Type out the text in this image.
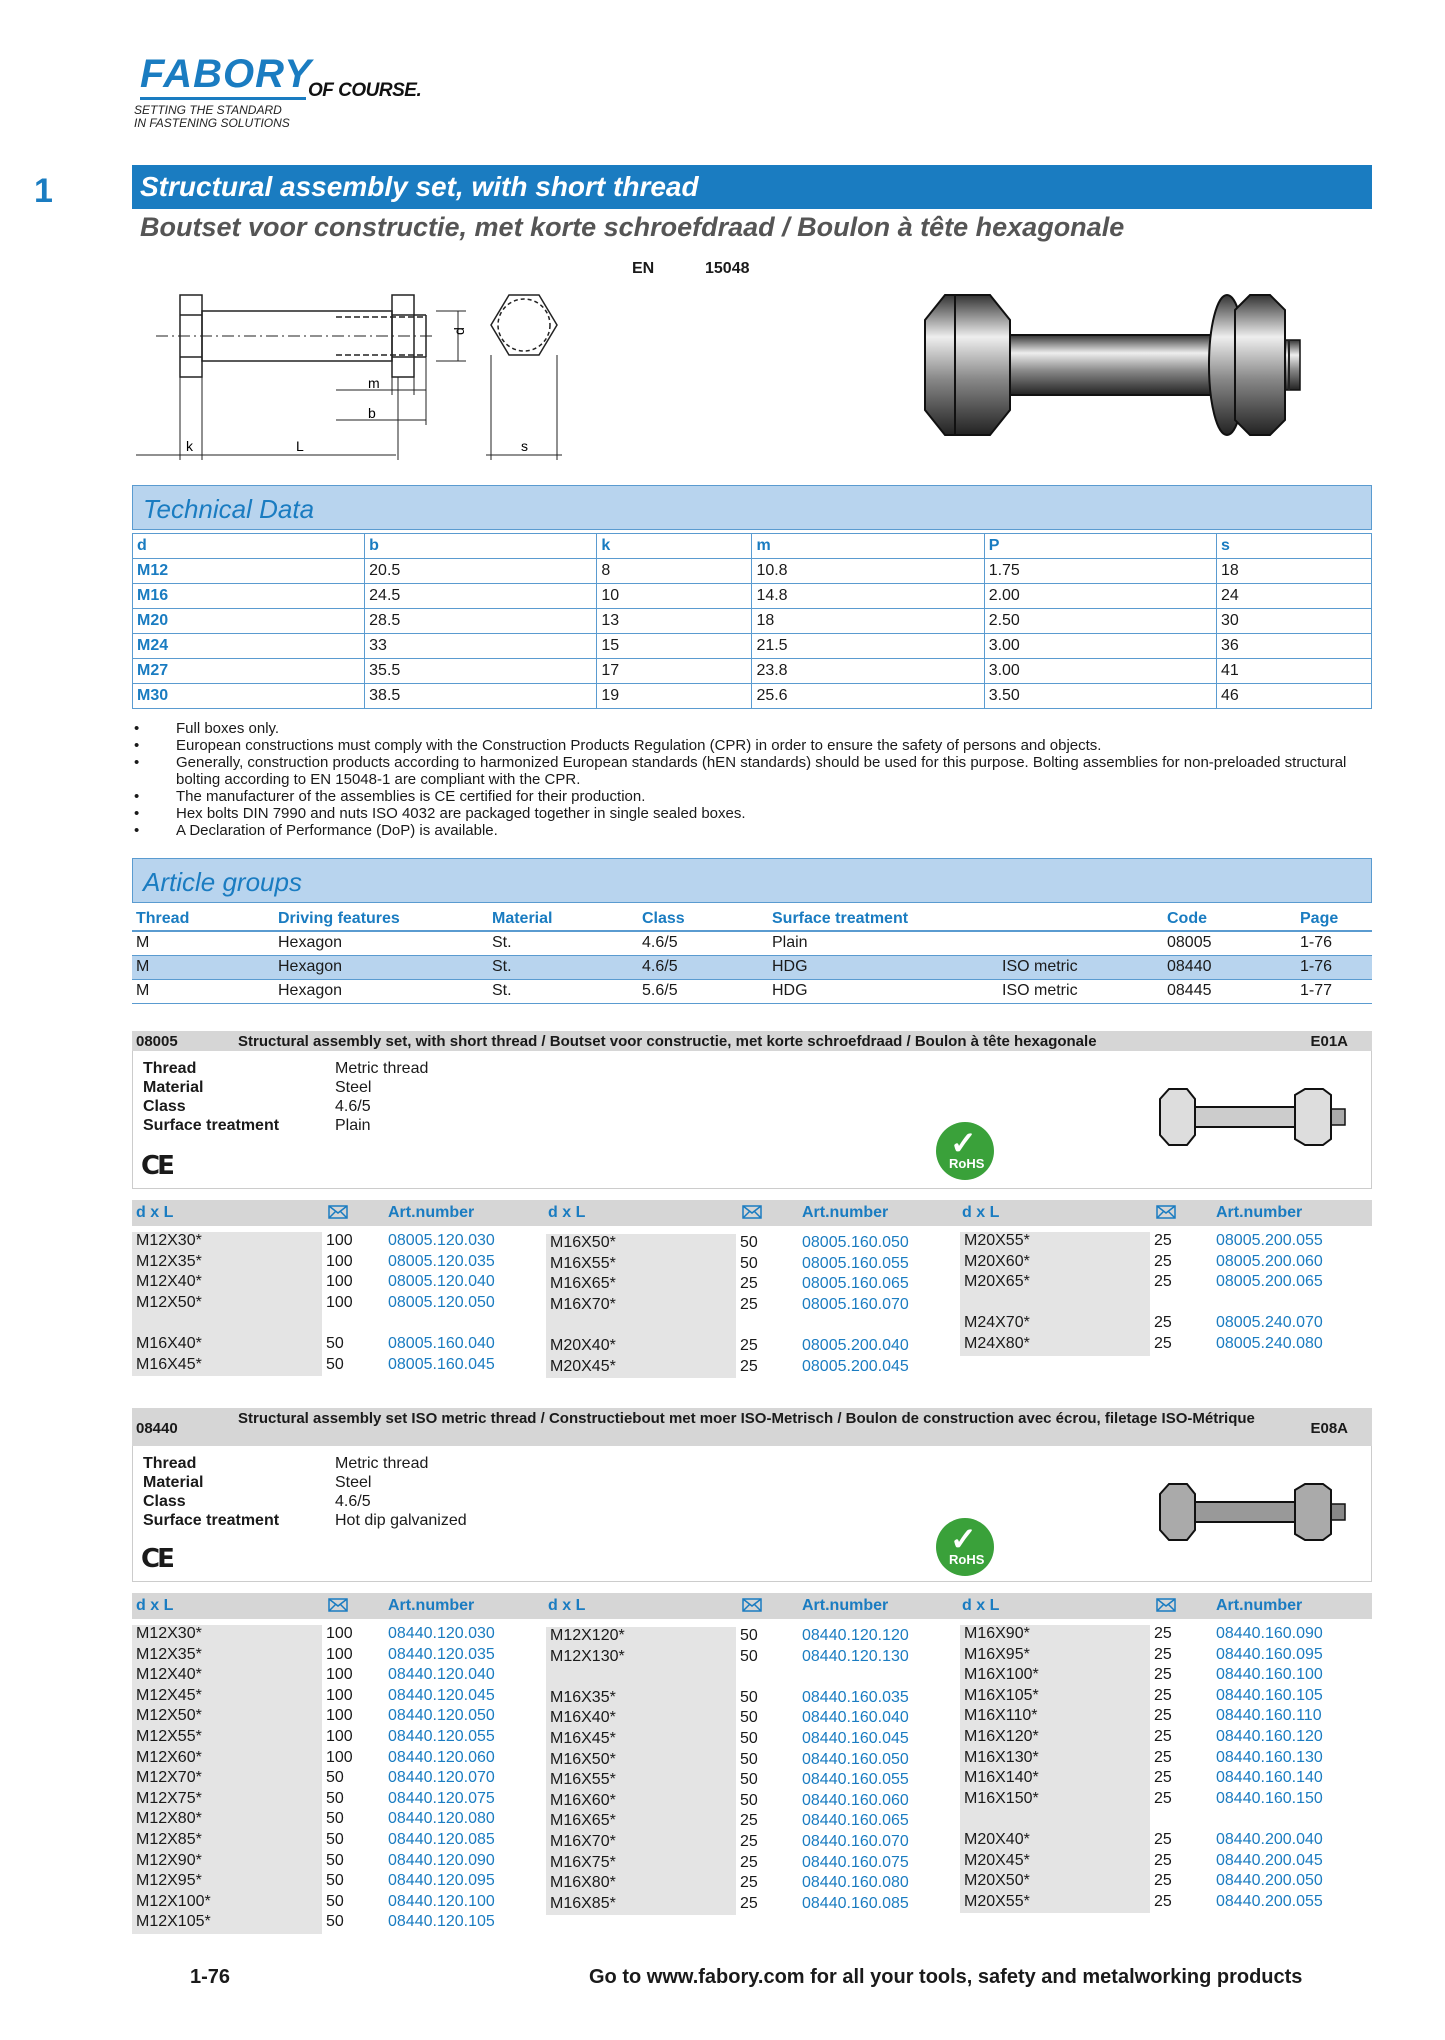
FABORY
OF COURSE.
SETTING THE STANDARD
IN FASTENING SOLUTIONS
1	Structural assembly set, with short thread
Boutset voor constructie, met korte schroefdraad / Boulon à tête hexagonale
EN	15048
d
m
b
k	L	s
Technical Data
d	b	k	m	P	s
M12	20.5	8	10.8	1.75	18
M16	24.5	10	14.8	2.00	24
M20	28.5	13	18	2.50	30
M24	33	15	21.5	3.00	36
M27	35.5	17	23.8	3.00	41
M30	38.5	19	25.6	3.50	46
• Full boxes only.
• European constructions must comply with the Construction Products Regulation (CPR) in order to ensure the safety of persons and objects.
• Generally, construction products according to harmonized European standards (hEN standards) should be used for this purpose. Bolting assemblies for non-preloaded structural bolting according to EN 15048-1 are compliant with the CPR.
• The manufacturer of the assemblies is CE certified for their production.
• Hex bolts DIN 7990 and nuts ISO 4032 are packaged together in single sealed boxes.
• A Declaration of Performance (DoP) is available.
Article groups
Thread	Driving features	Material	Class	Surface treatment		Code	Page
M	Hexagon	St.	4.6/5	Plain		08005	1-76
M	Hexagon	St.	4.6/5	HDG	ISO metric	08440	1-76
M	Hexagon	St.	5.6/5	HDG	ISO metric	08445	1-77
08005	Structural assembly set, with short thread / Boutset voor constructie, met korte schroefdraad / Boulon à tête hexagonale	E01A
Thread	Metric thread
Material	Steel
Class	4.6/5
Surface treatment	Plain
CE
✓
RoHS
d x L	Art.number	d x L	Art.number	d x L	Art.number
M12X30*	100 08005.120.030
M12X35*	100 08005.120.035
M12X40*	100 08005.120.040
M12X50*	100 08005.120.050
M16X40*	50	08005.160.040
M16X45*	50	08005.160.045
M16X50*	50	08005.160.050
M16X55*	50	08005.160.055
M16X65*	25	08005.160.065
M16X70*	25	08005.160.070
M20X40*	25	08005.200.040
M20X45*	25	08005.200.045
M20X55*	25	08005.200.055
M20X60*	25	08005.200.060
M20X65*	25	08005.200.065
M24X70*	25	08005.240.070
M24X80*	25	08005.240.080
08440
Structural assembly set ISO metric thread / Constructiebout met moer ISO-Metrisch / Boulon de construction avec écrou, filetage ISO-Métrique
E08A
Thread	Metric thread
Material	Steel
Class	4.6/5
Surface treatment	Hot dip galvanized
CE
✓
RoHS
d x L	Art.number	d x L	Art.number	d x L	Art.number
M12X30*	100 08440.120.030
M12X35*	100 08440.120.035
M12X40*	100 08440.120.040
M12X45*	100 08440.120.045
M12X50*	100 08440.120.050
M12X55*	100 08440.120.055
M12X60*	100 08440.120.060
M12X70*	50	08440.120.070
M12X75*	50	08440.120.075
M12X80*	50	08440.120.080
M12X85*	50	08440.120.085
M12X90*	50	08440.120.090
M12X95*	50	08440.120.095
M12X100*	50	08440.120.100
M12X105*	50	08440.120.105
M12X120*	50	08440.120.120
M12X130*	50	08440.120.130
M16X35*	50	08440.160.035
M16X40*	50	08440.160.040
M16X45*	50	08440.160.045
M16X50*	50	08440.160.050
M16X55*	50	08440.160.055
M16X60*	50	08440.160.060
M16X65*	25	08440.160.065
M16X70*	25	08440.160.070
M16X75*	25	08440.160.075
M16X80*	25	08440.160.080
M16X85*	25	08440.160.085
M16X90*	25	08440.160.090
M16X95*	25	08440.160.095
M16X100*	25	08440.160.100
M16X105*	25	08440.160.105
M16X110*	25	08440.160.110
M16X120*	25	08440.160.120
M16X130*	25	08440.160.130
M16X140*	25	08440.160.140
M16X150*	25	08440.160.150
M20X40*	25	08440.200.040
M20X45*	25	08440.200.045
M20X50*	25	08440.200.050
M20X55*	25	08440.200.055
1-76	Go to www.fabory.com for all your tools, safety and metalworking products
